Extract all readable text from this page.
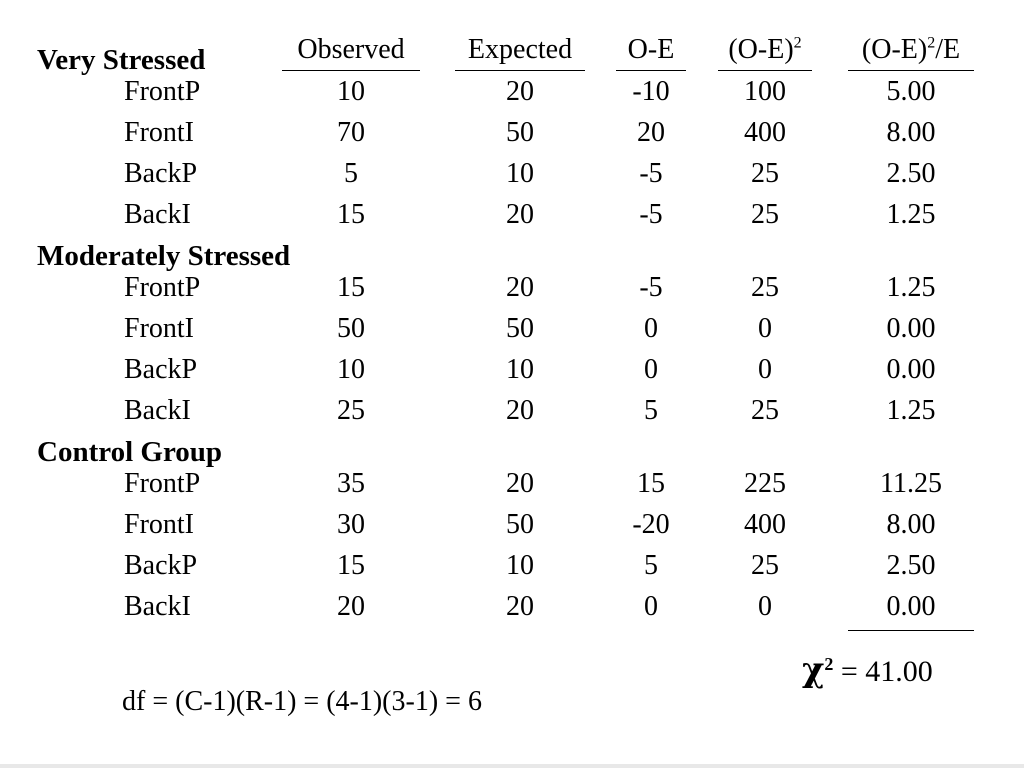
Observed	Expected	O-E	$(O-E)^2$	$(O-E)^2/E$
Very Stressed
FrontP	10	20	-10	100	5.00
FrontI	70	50	20	400	8.00
BackP	5	10	-5	25	2.50
BackI	15	20	-5	25	1.25
Moderately Stressed
FrontP	15	20	-5	25	1.25
FrontI	50	50	0	0	0.00
BackP	10	10	0	0	0.00
BackI	25	20	5	25	1.25
Control Group
FrontP	35	20	15	225	11.25
FrontI	30	50	-20	400	8.00
BackP	15	10	5	25	2.50
BackI	20	20	0	0	0.00
$\chi^2 = 41.00$
df = (C-1)(R-1) = (4-1)(3-1) = 6
